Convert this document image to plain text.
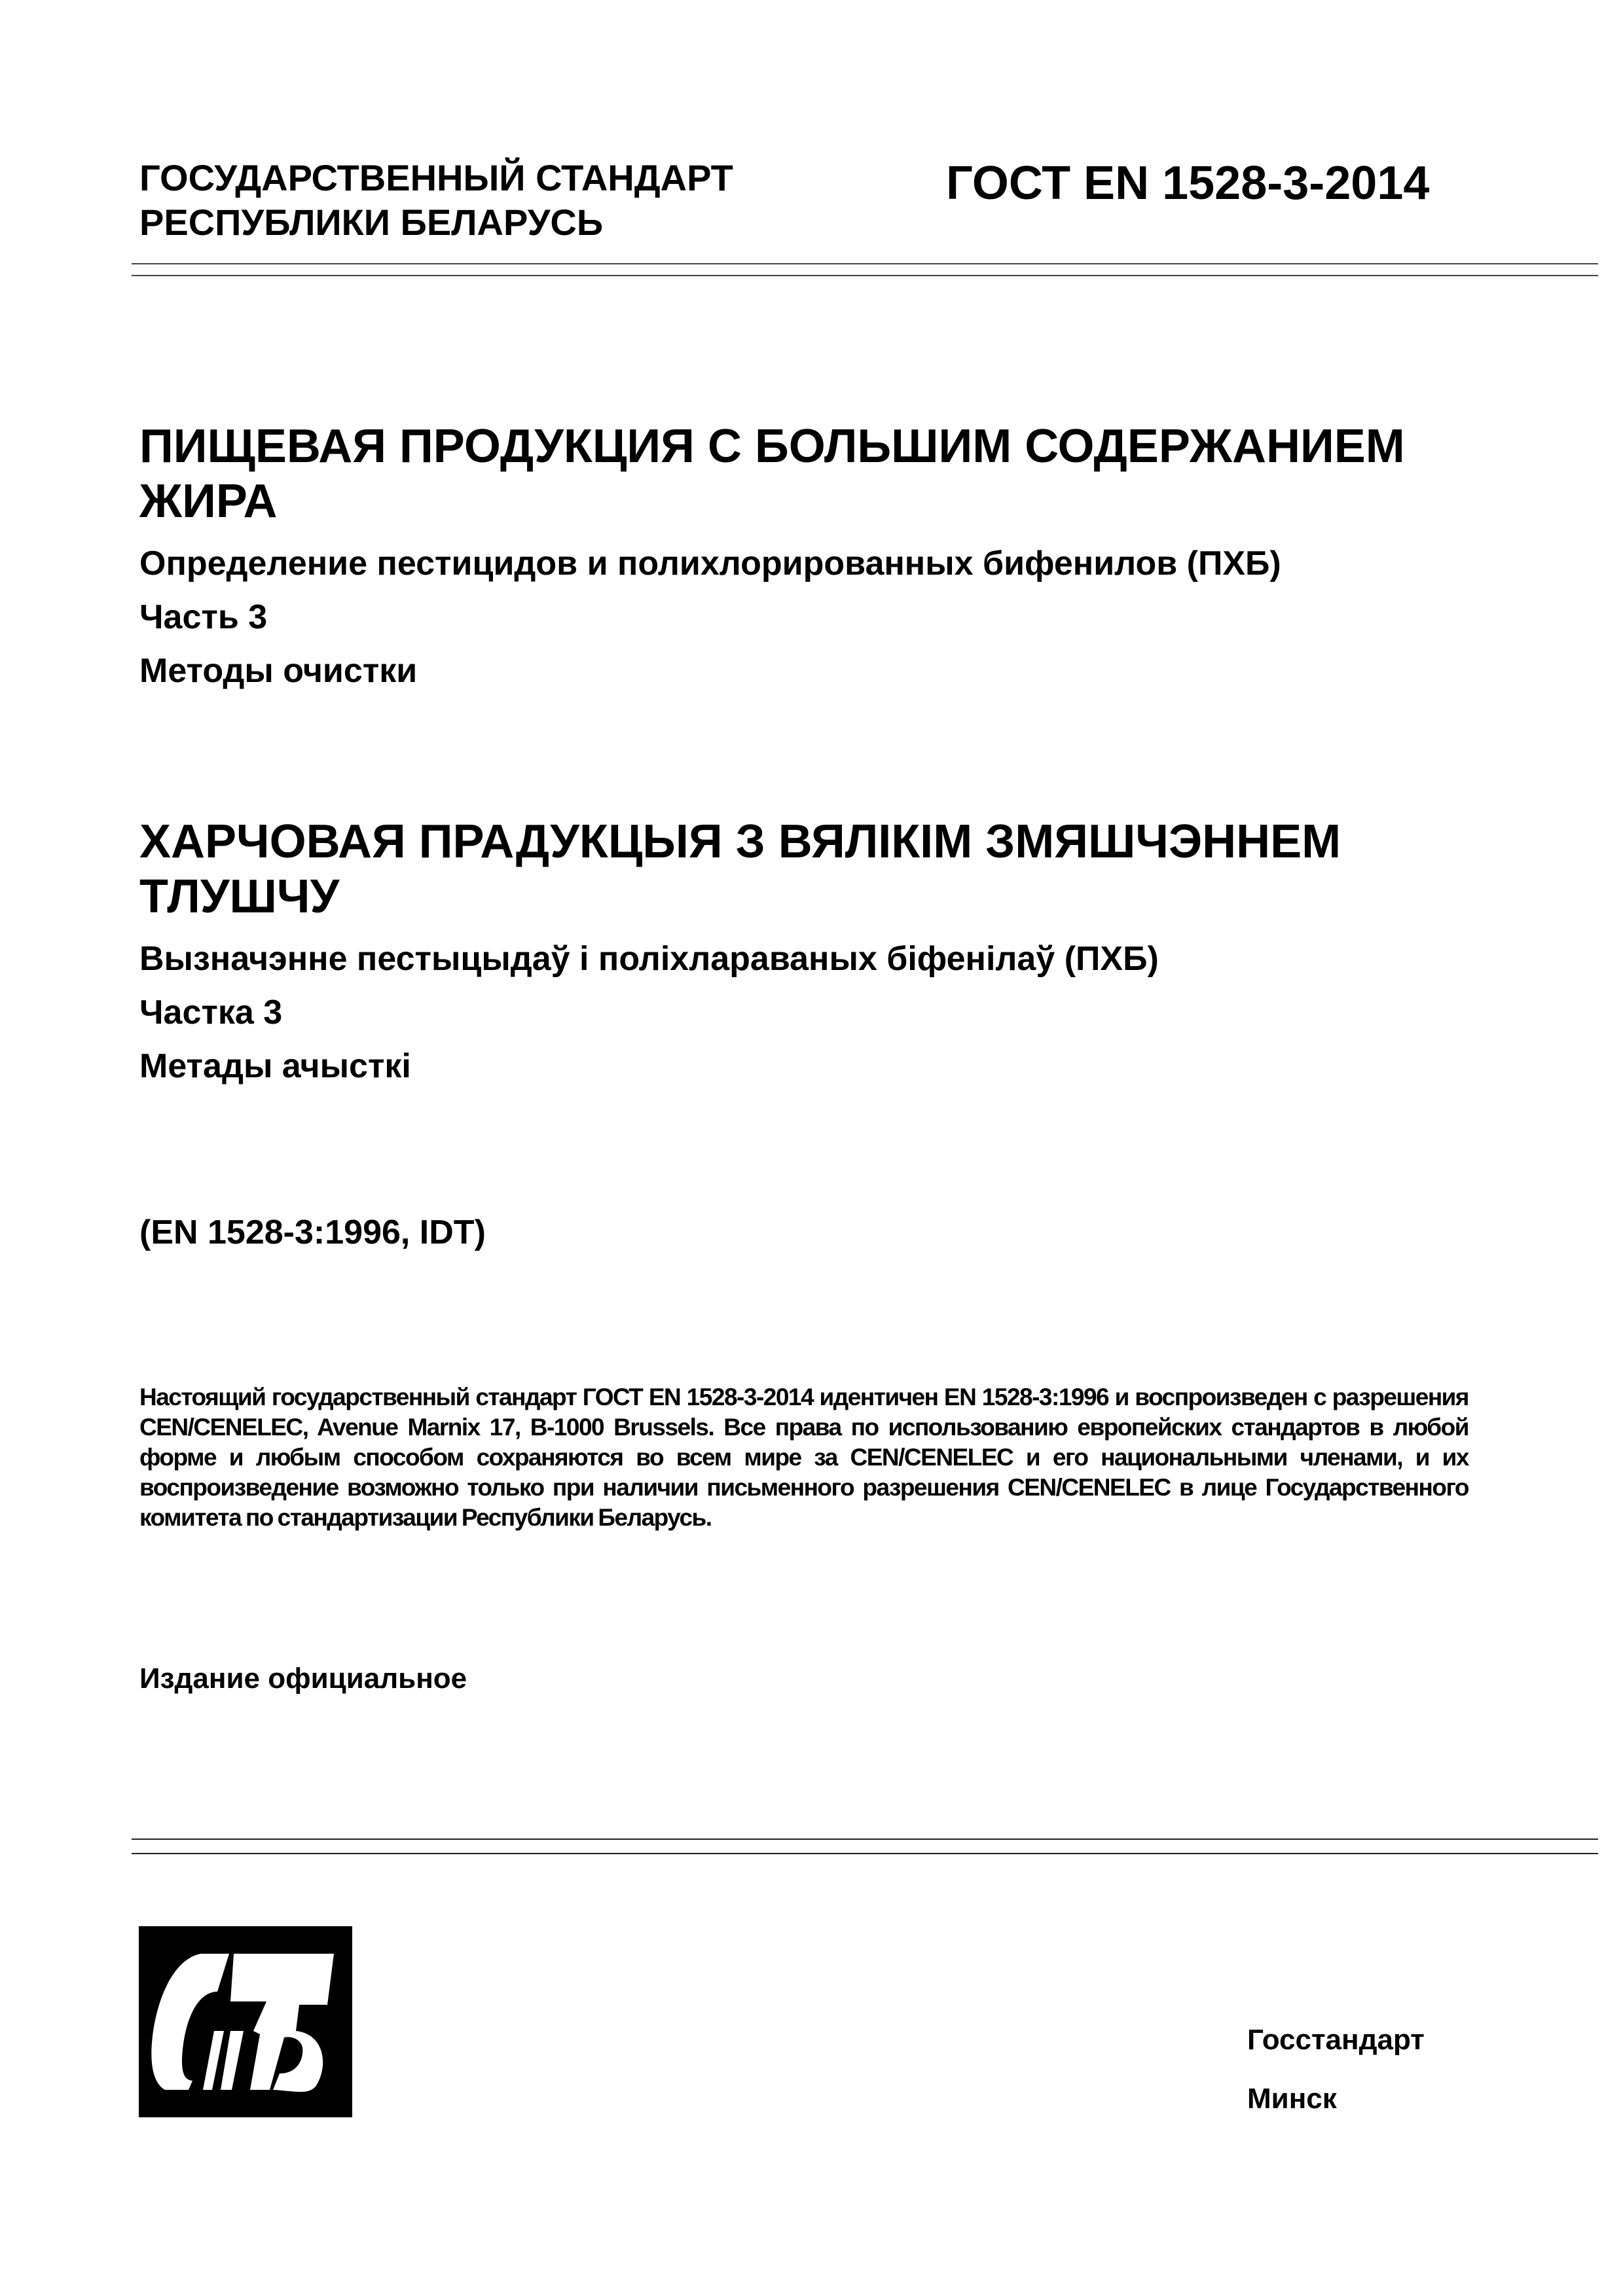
ГОСУДАРСТВЕННЫЙ СТАНДАРТ
РЕСПУБЛИКИ БЕЛАРУСЬ
ГОСТ EN 1528-3-2014
ПИЩЕВАЯ ПРОДУКЦИЯ С БОЛЬШИМ СОДЕРЖАНИЕМ ЖИРА
Определение пестицидов и полихлорированных бифенилов (ПХБ)
Часть 3
Методы очистки
ХАРЧОВАЯ ПРАДУКЦЫЯ З ВЯЛІКІМ ЗМЯШЧЭННЕМ ТЛУШЧУ
Вызначэнне пестыцыдаў і поліхлараваных біфенілаў (ПХБ)
Частка 3
Метады ачысткі
(EN 1528-3:1996, IDT)
Настоящий государственный стандарт ГОСТ EN 1528-3-2014 идентичен EN 1528-3:1996 и воспроизведен с разрешения CEN/CENELEC, Avenue Marnix 17, B-1000 Brussels. Все права по использованию европейских стандартов в любой форме и любым способом сохраняются во всем мире за CEN/CENELEC и его национальными членами, и их воспроизведение возможно только при наличии письменного разрешения CEN/CENELEC в лице Государственного комитета по стандартизации Республики Беларусь.
Издание официальное
Госстандарт
Минск
